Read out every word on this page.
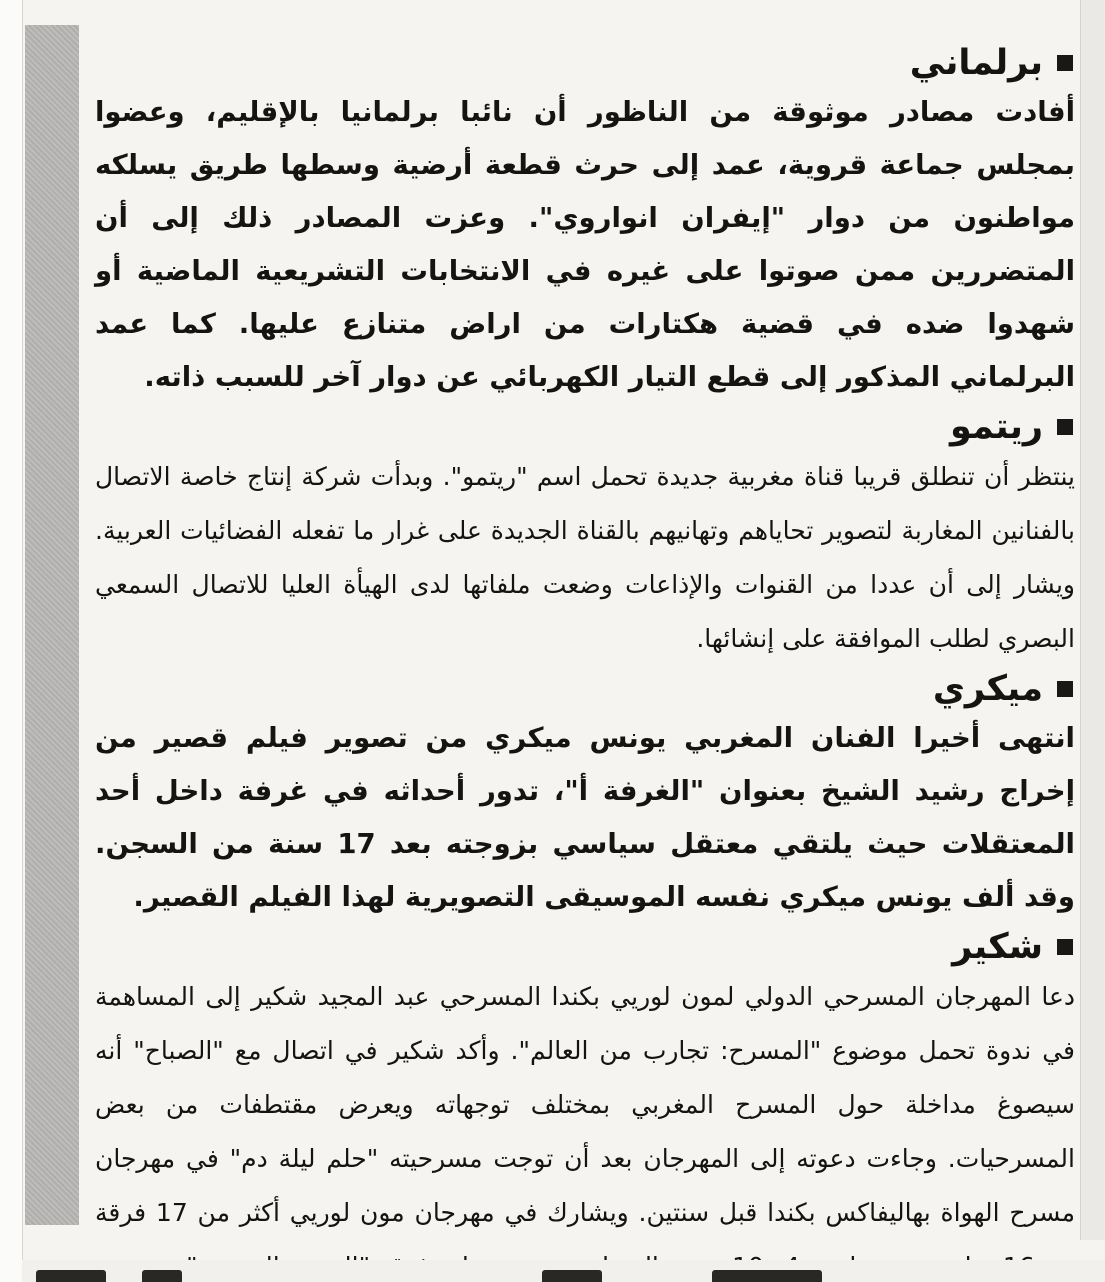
برلماني

أفادت مصادر موثوقة من الناظور أن نائبا برلمانيا بالإقليم، وعضوا بمجلس جماعة قروية، عمد إلى حرث قطعة أرضية وسطها طريق يسلكه مواطنون من دوار "إيفران انواروي". وعزت المصادر ذلك إلى أن المتضررين ممن صوتوا على غيره في الانتخابات التشريعية الماضية أو شهدوا ضده في قضية هكتارات من اراض متنازع عليها. كما عمد البرلماني المذكور إلى قطع التيار الكهربائي عن دوار آخر للسبب ذاته.

ريتمو

ينتظر أن تنطلق قريبا قناة مغربية جديدة تحمل اسم "ريتمو". وبدأت شركة إنتاج خاصة الاتصال بالفنانين المغاربة لتصوير تحاياهم وتهانيهم بالقناة الجديدة على غرار ما تفعله الفضائيات العربية. ويشار إلى أن عددا من القنوات والإذاعات وضعت ملفاتها لدى الهيأة العليا للاتصال السمعي البصري لطلب الموافقة على إنشائها.

ميكري

انتهى أخيرا الفنان المغربي يونس ميكري من تصوير فيلم قصير من إخراج رشيد الشيخ بعنوان "الغرفة أ"، تدور أحداثه في غرفة داخل أحد المعتقلات حيث يلتقي معتقل سياسي بزوجته بعد 17 سنة من السجن. وقد ألف يونس ميكري نفسه الموسيقى التصويرية لهذا الفيلم القصير.

شكير

دعا المهرجان المسرحي الدولي لمون لوريي بكندا المسرحي عبد المجيد شكير إلى المساهمة في ندوة تحمل موضوع "المسرح: تجارب من العالم". وأكد شكير في اتصال مع "الصباح" أنه سيصوغ مداخلة حول المسرح المغربي بمختلف توجهاته ويعرض مقتطفات من بعض المسرحيات. وجاءت دعوته إلى المهرجان بعد أن توجت مسرحيته "حلم ليلة دم" في مهرجان مسرح الهواة بهاليفاكس بكندا قبل سنتين. ويشارك في مهرجان مون لوريي أكثر من 17 فرقة
